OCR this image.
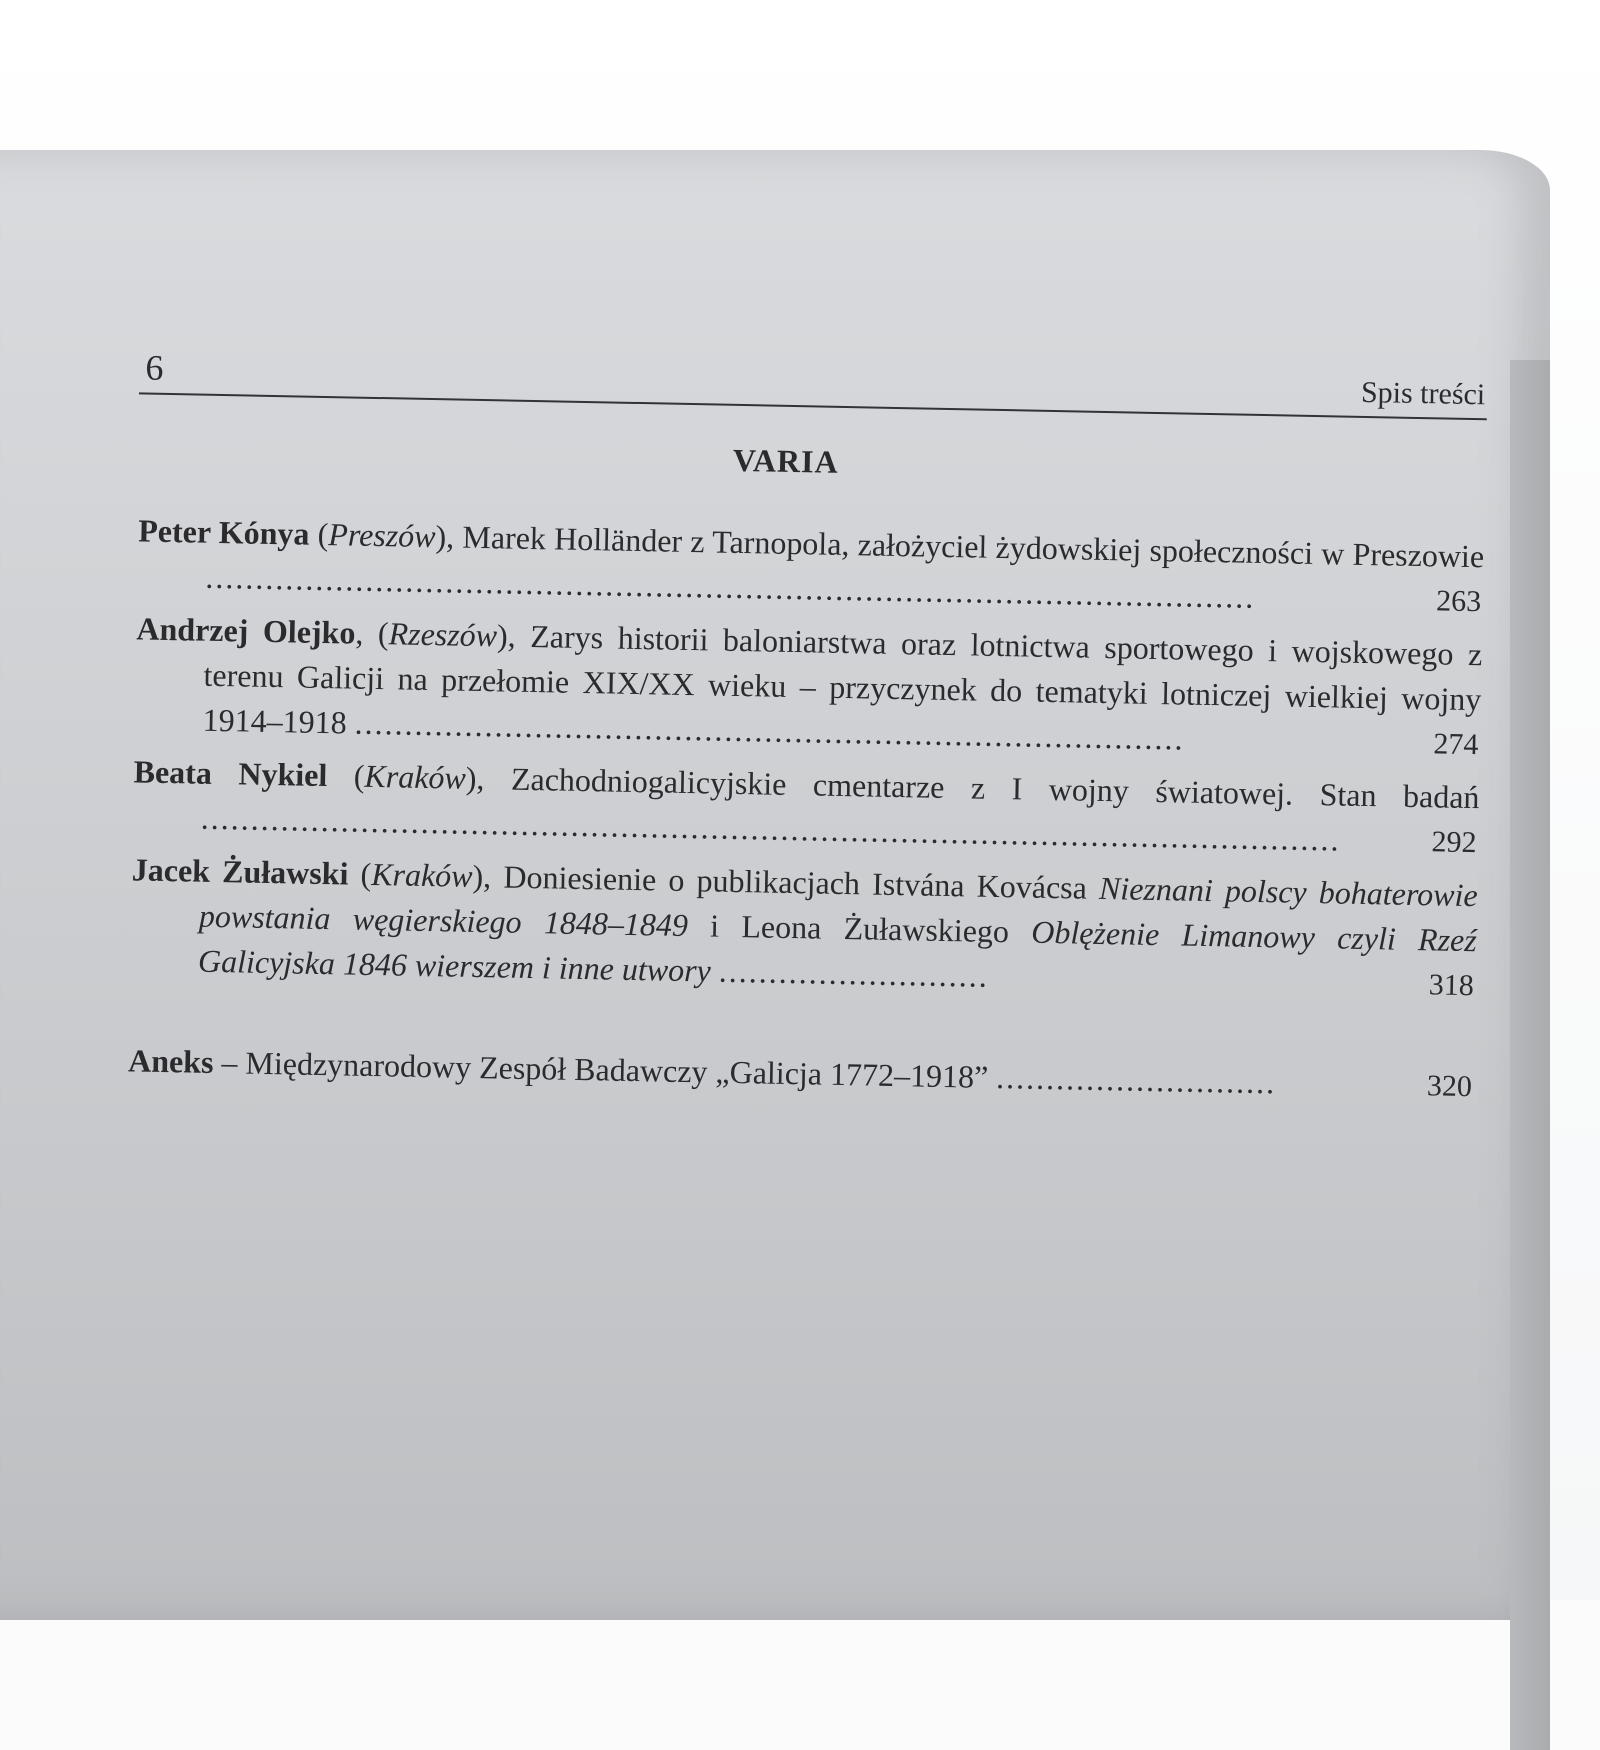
6
Spis treści
VARIA
Peter Kónya (Preszów), Marek Holländer z Tarnopola, założyciel żydowskiej społeczności w Preszowie .........................................................................................................	263
Andrzej Olejko, (Rzeszów), Zarys historii baloniarstwa oraz lotnictwa sportowego i wojskowego z terenu Galicji na przełomie XIX/XX wieku – przyczynek do tematyki lotniczej wielkiej wojny 1914–1918 ...................................................................................	274
Beata Nykiel (Kraków), Zachodniogalicyjskie cmentarze z I wojny światowej. Stan badań ..................................................................................................................	292
Jacek Żuławski (Kraków), Doniesienie o publikacjach Istvána Kovácsa Nieznani polscy bohaterowie powstania węgierskiego 1848–1849 i Leona Żuławskiego Oblężenie Limanowy czyli Rzeź Galicyjska 1846 wierszem i inne utwory ...........................	318
Aneks – Międzynarodowy Zespół Badawczy „Galicja 1772–1918” ............................	320
